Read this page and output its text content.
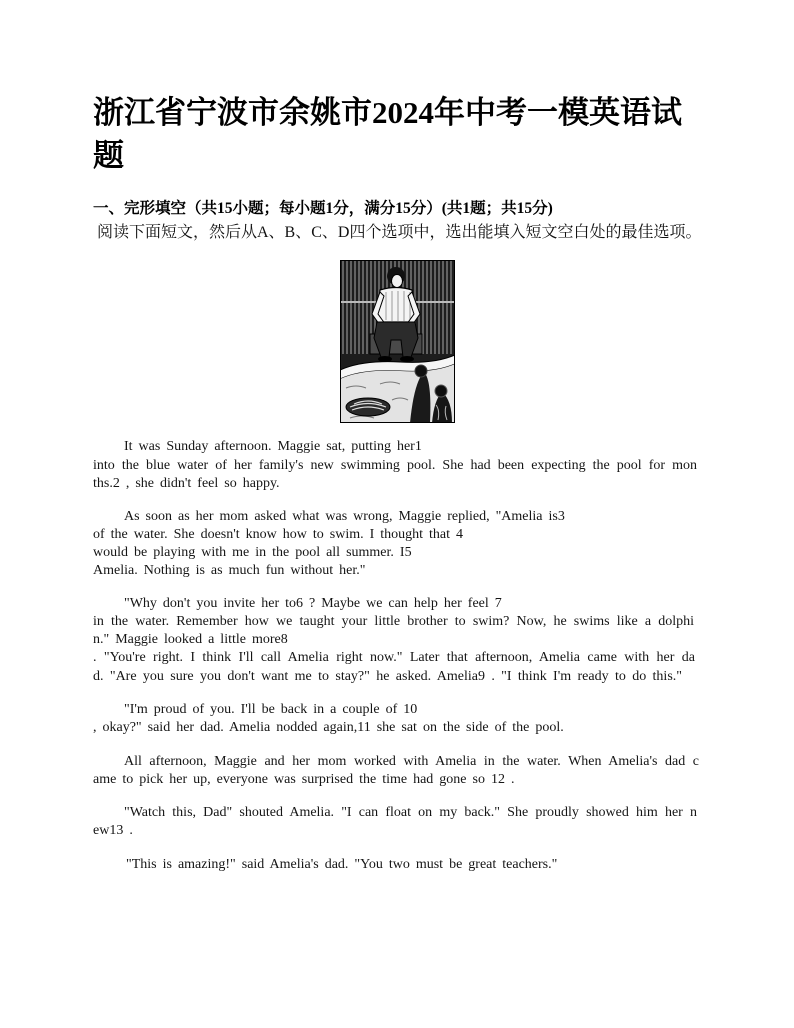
浙江省宁波市余姚市2024年中考一模英语试题
一、完形填空（共15小题；每小题1分，满分15分）(共1题；共15分)
阅读下面短文，然后从A、B、C、D四个选项中，选出能填入短文空白处的最佳选项。
It was Sunday afternoon. Maggie sat, putting her1
into the blue water of her family's new swimming pool. She had been expecting the pool for mon
ths.2 , she didn't feel so happy.
As soon as her mom asked what was wrong, Maggie replied, "Amelia is3
of the water. She doesn't know how to swim. I thought that 4
would be playing with me in the pool all summer. I5
Amelia. Nothing is as much fun without her."
"Why don't you invite her to6 ? Maybe we can help her feel 7
in the water. Remember how we taught your little brother to swim? Now, he swims like a dolphi
n." Maggie looked a little more8
. "You're right. I think I'll call Amelia right now." Later that afternoon, Amelia came with her da
d. "Are you sure you don't want me to stay?" he asked. Amelia9 . "I think I'm ready to do this."
"I'm proud of you. I'll be back in a couple of 10
, okay?" said her dad. Amelia nodded again,11 she sat on the side of the pool.
All afternoon, Maggie and her mom worked with Amelia in the water. When Amelia's dad c
ame to pick her up, everyone was surprised the time had gone so 12 .
"Watch this, Dad" shouted Amelia. "I can float on my back." She proudly showed him her n
ew13 .
"This is amazing!" said Amelia's dad. "You two must be great teachers."
